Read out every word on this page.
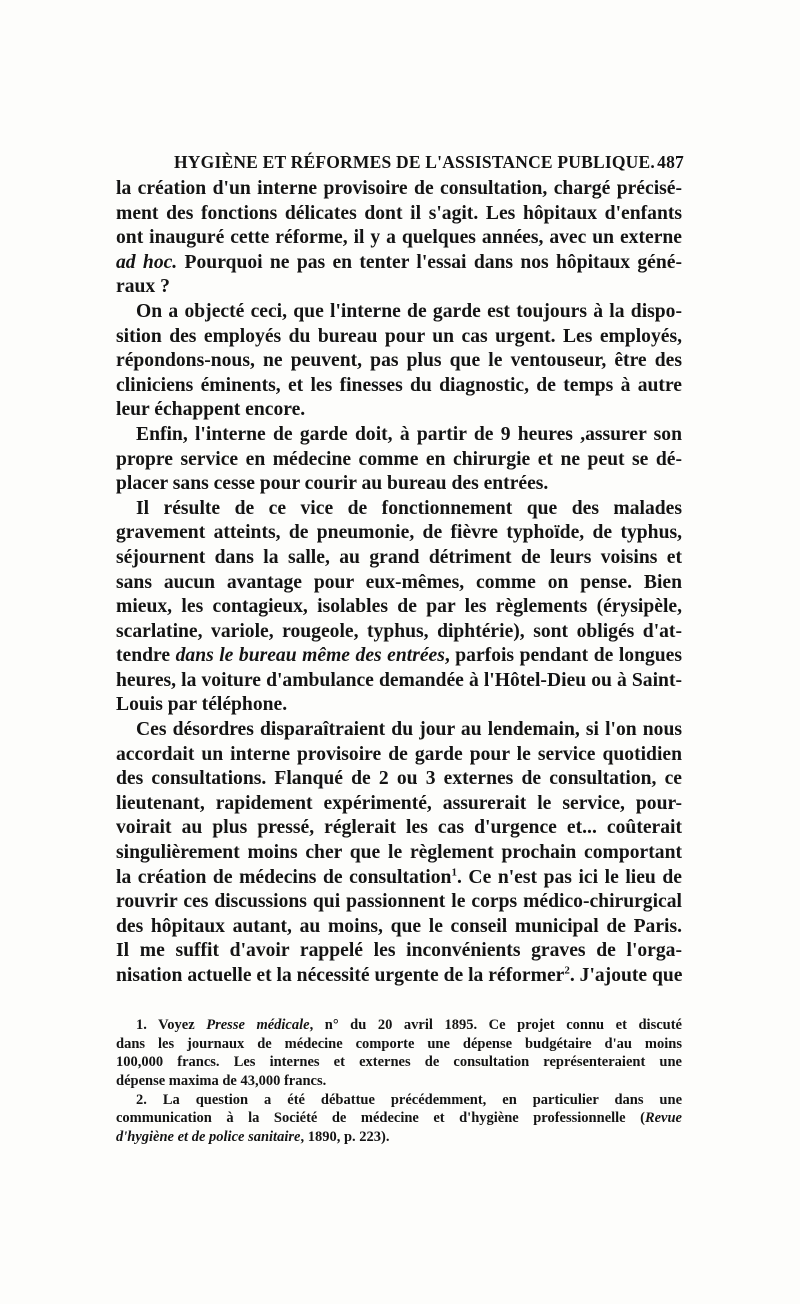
HYGIÈNE ET RÉFORMES DE L'ASSISTANCE PUBLIQUE. 487
la création d'un interne provisoire de consultation, chargé précisé-
ment des fonctions délicates dont il s'agit. Les hôpitaux d'enfants
ont inauguré cette réforme, il y a quelques années, avec un externe
ad hoc. Pourquoi ne pas en tenter l'essai dans nos hôpitaux géné-
raux ?
On a objecté ceci, que l'interne de garde est toujours à la dispo-
sition des employés du bureau pour un cas urgent. Les employés,
répondons-nous, ne peuvent, pas plus que le ventouseur, être des
cliniciens éminents, et les finesses du diagnostic, de temps à autre
leur échappent encore.
Enfin, l'interne de garde doit, à partir de 9 heures ,assurer son
propre service en médecine comme en chirurgie et ne peut se dé-
placer sans cesse pour courir au bureau des entrées.
Il résulte de ce vice de fonctionnement que des malades
gravement atteints, de pneumonie, de fièvre typhoïde, de typhus,
séjournent dans la salle, au grand détriment de leurs voisins et
sans aucun avantage pour eux-mêmes, comme on pense. Bien
mieux, les contagieux, isolables de par les règlements (érysipèle,
scarlatine, variole, rougeole, typhus, diphtérie), sont obligés d'at-
tendre dans le bureau même des entrées, parfois pendant de longues
heures, la voiture d'ambulance demandée à l'Hôtel-Dieu ou à Saint-
Louis par téléphone.
Ces désordres disparaîtraient du jour au lendemain, si l'on nous
accordait un interne provisoire de garde pour le service quotidien
des consultations. Flanqué de 2 ou 3 externes de consultation, ce
lieutenant, rapidement expérimenté, assurerait le service, pour-
voirait au plus pressé, réglerait les cas d'urgence et... coûterait
singulièrement moins cher que le règlement prochain comportant
la création de médecins de consultation$^1$. Ce n'est pas ici le lieu de
rouvrir ces discussions qui passionnent le corps médico-chirurgical
des hôpitaux autant, au moins, que le conseil municipal de Paris.
Il me suffit d'avoir rappelé les inconvénients graves de l'orga-
nisation actuelle et la nécessité urgente de la réformer$^2$. J'ajoute que
1. Voyez Presse médicale, n° du 20 avril 1895. Ce projet connu et discuté
dans les journaux de médecine comporte une dépense budgétaire d'au moins
100,000 francs. Les internes et externes de consultation représenteraient une
dépense maxima de 43,000 francs.
2. La question a été débattue précédemment, en particulier dans une
communication à la Société de médecine et d'hygiène professionnelle (Revue
d'hygiène et de police sanitaire, 1890, p. 223).
